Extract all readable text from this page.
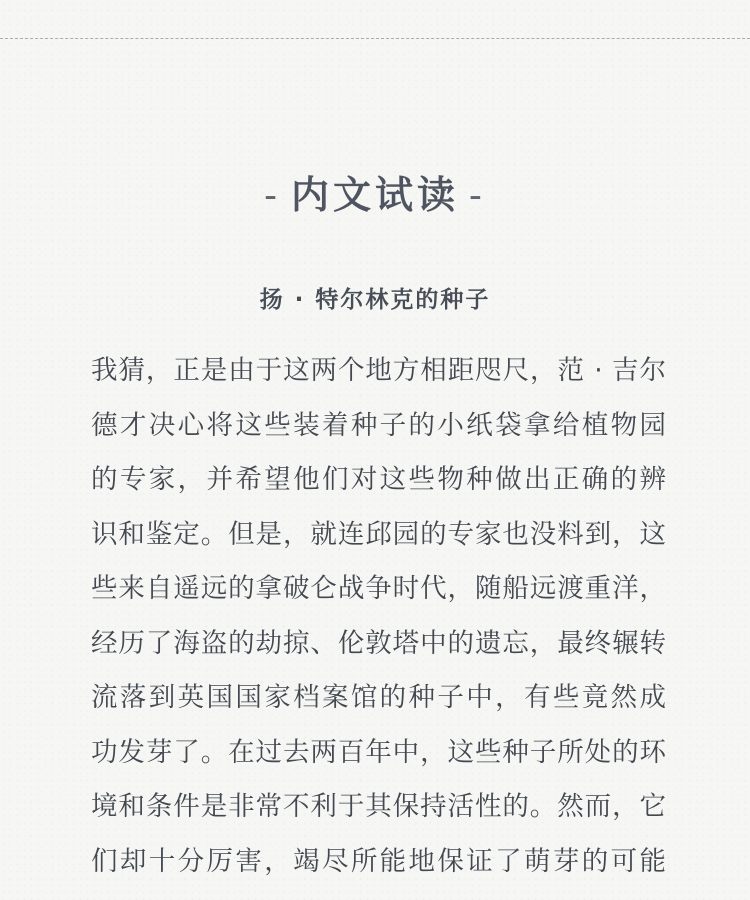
- 内文试读 -
扬 · 特尔林克的种子
我猜，正是由于这两个地方相距咫尺，范 · 吉尔
德才决心将这些装着种子的小纸袋拿给植物园
的专家，并希望他们对这些物种做出正确的辨
识和鉴定。但是，就连邱园的专家也没料到，这
些来自遥远的拿破仑战争时代，随船远渡重洋，
经历了海盗的劫掠、伦敦塔中的遗忘，最终辗转
流落到英国国家档案馆的种子中，有些竟然成
功发芽了。在过去两百年中，这些种子所处的环
境和条件是非常不利于其保持活性的。然而，它
们却十分厉害，竭尽所能地保证了萌芽的可能
